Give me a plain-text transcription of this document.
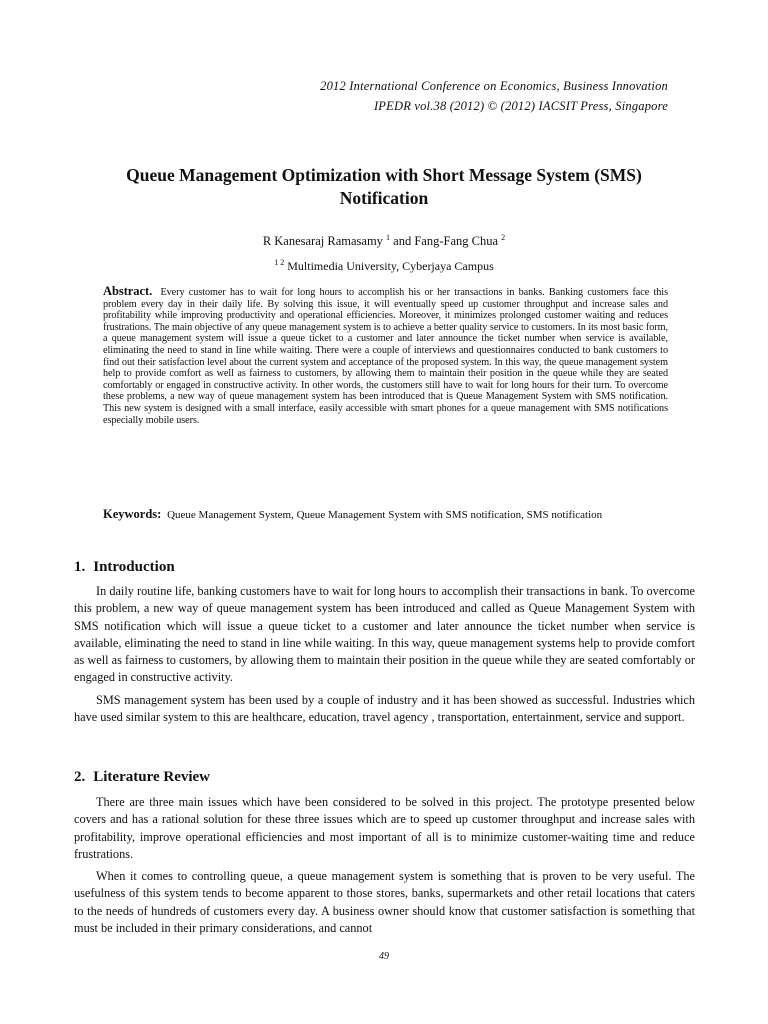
2012 International Conference on Economics, Business Innovation
IPEDR vol.38 (2012) © (2012) IACSIT Press, Singapore
Queue Management Optimization with Short Message System (SMS)
Notification
R Kanesaraj Ramasamy $^1$ and Fang-Fang Chua $^2$
$^{1 2}$ Multimedia University, Cyberjaya Campus
Abstract. Every customer has to wait for long hours to accomplish his or her transactions in banks. Banking customers face this problem every day in their daily life. By solving this issue, it will eventually speed up customer throughput and increase sales and profitability while improving productivity and operational efficiencies. Moreover, it minimizes prolonged customer waiting and reduces frustrations. The main objective of any queue management system is to achieve a better quality service to customers. In its most basic form, a queue management system will issue a queue ticket to a customer and later announce the ticket number when service is available, eliminating the need to stand in line while waiting. There were a couple of interviews and questionnaires conducted to bank customers to find out their satisfaction level about the current system and acceptance of the proposed system. In this way, the queue management system help to provide comfort as well as fairness to customers, by allowing them to maintain their position in the queue while they are seated comfortably or engaged in constructive activity. In other words, the customers still have to wait for long hours for their turn. To overcome these problems, a new way of queue management system has been introduced that is Queue Management System with SMS notification. This new system is designed with a small interface, easily accessible with smart phones for a queue management with SMS notifications especially mobile users.
Keywords: Queue Management System, Queue Management System with SMS notification, SMS notification
1. Introduction

In daily routine life, banking customers have to wait for long hours to accomplish their transactions in bank. To overcome this problem, a new way of queue management system has been introduced and called as Queue Management System with SMS notification which will issue a queue ticket to a customer and later announce the ticket number when service is available, eliminating the need to stand in line while waiting. In this way, queue management systems help to provide comfort as well as fairness to customers, by allowing them to maintain their position in the queue while they are seated comfortably or engaged in constructive activity.

SMS management system has been used by a couple of industry and it has been showed as successful. Industries which have used similar system to this are healthcare, education, travel agency , transportation, entertainment, service and support.

2. Literature Review

There are three main issues which have been considered to be solved in this project. The prototype presented below covers and has a rational solution for these three issues which are to speed up customer throughput and increase sales with profitability, improve operational efficiencies and most important of all is to minimize customer-waiting time and reduce frustrations.

When it comes to controlling queue, a queue management system is something that is proven to be very useful. The usefulness of this system tends to become apparent to those stores, banks, supermarkets and other retail locations that caters to the needs of hundreds of customers every day. A business owner should know that customer satisfaction is something that must be included in their primary considerations, and cannot

49
